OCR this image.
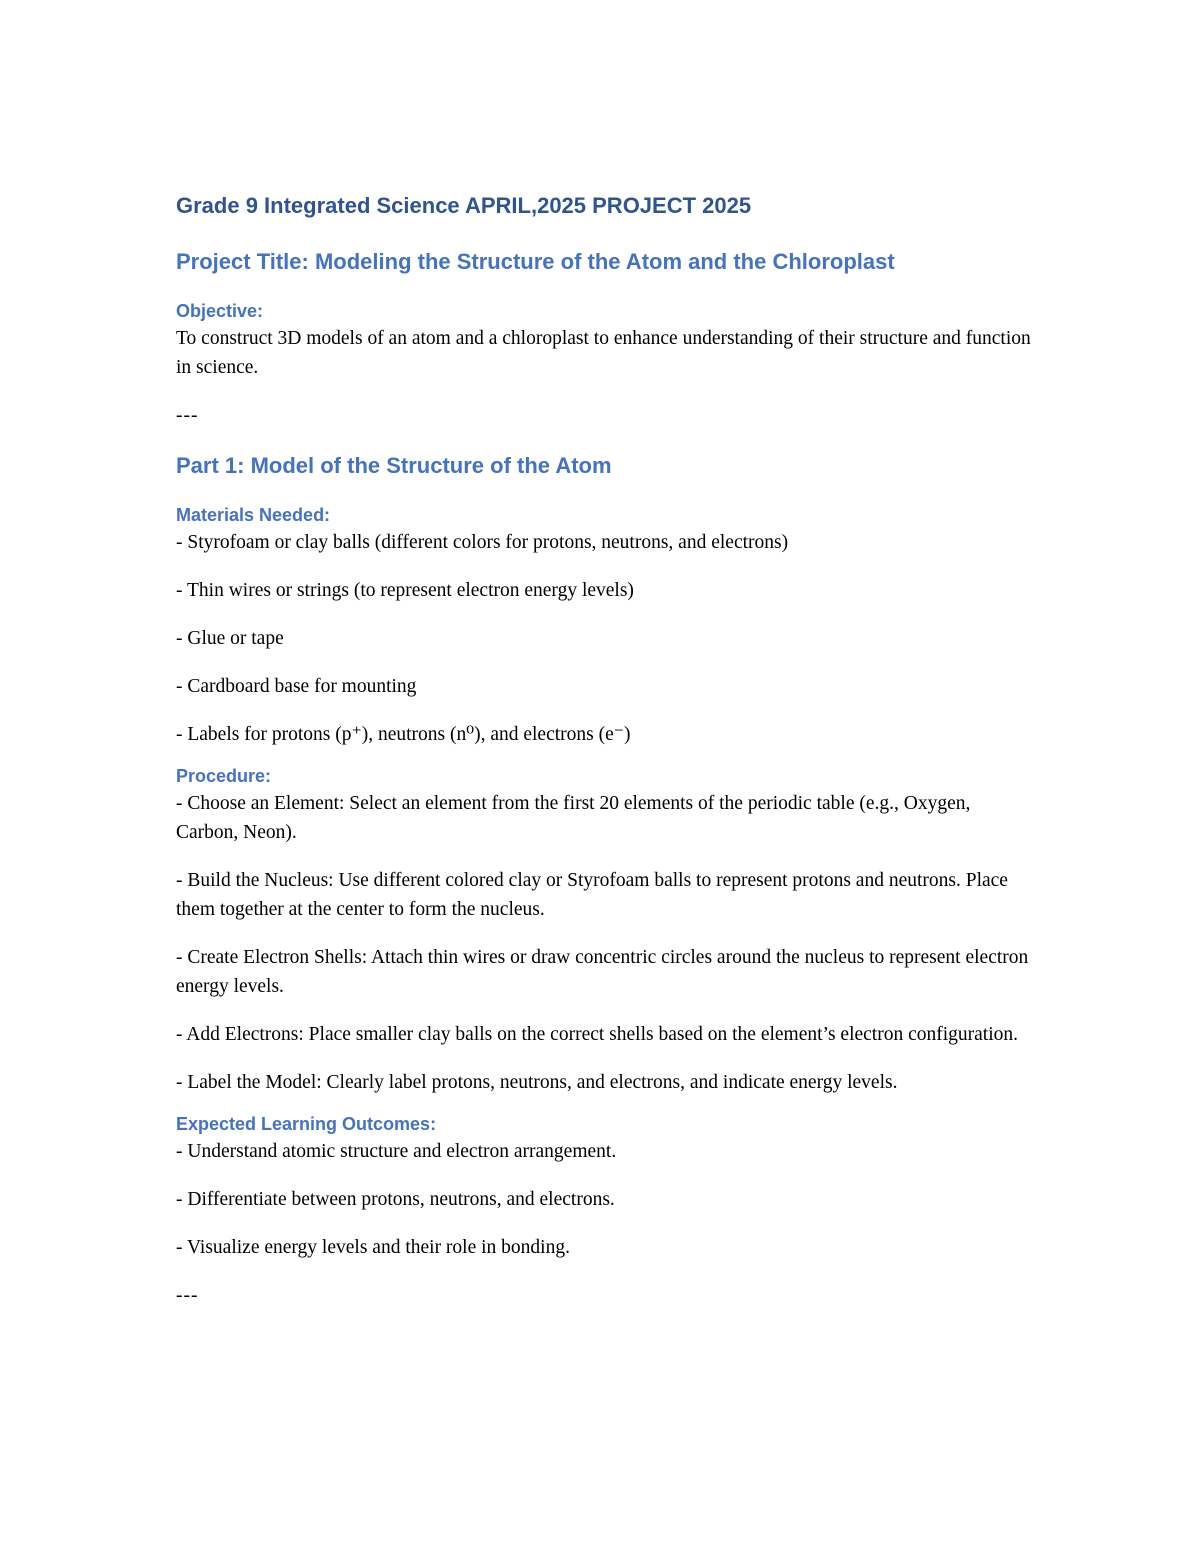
Grade 9 Integrated Science APRIL,2025 PROJECT 2025
Project Title: Modeling the Structure of the Atom and the Chloroplast
Objective:
To construct 3D models of an atom and a chloroplast to enhance understanding of their structure and function in science.
---
Part 1: Model of the Structure of the Atom
Materials Needed:
- Styrofoam or clay balls (different colors for protons, neutrons, and electrons)
- Thin wires or strings (to represent electron energy levels)
- Glue or tape
- Cardboard base for mounting
- Labels for protons (p⁺), neutrons (n⁰), and electrons (e⁻)
Procedure:
- Choose an Element: Select an element from the first 20 elements of the periodic table (e.g., Oxygen, Carbon, Neon).
- Build the Nucleus: Use different colored clay or Styrofoam balls to represent protons and neutrons. Place them together at the center to form the nucleus.
- Create Electron Shells: Attach thin wires or draw concentric circles around the nucleus to represent electron energy levels.
- Add Electrons: Place smaller clay balls on the correct shells based on the element’s electron configuration.
- Label the Model: Clearly label protons, neutrons, and electrons, and indicate energy levels.
Expected Learning Outcomes:
- Understand atomic structure and electron arrangement.
- Differentiate between protons, neutrons, and electrons.
- Visualize energy levels and their role in bonding.
---
